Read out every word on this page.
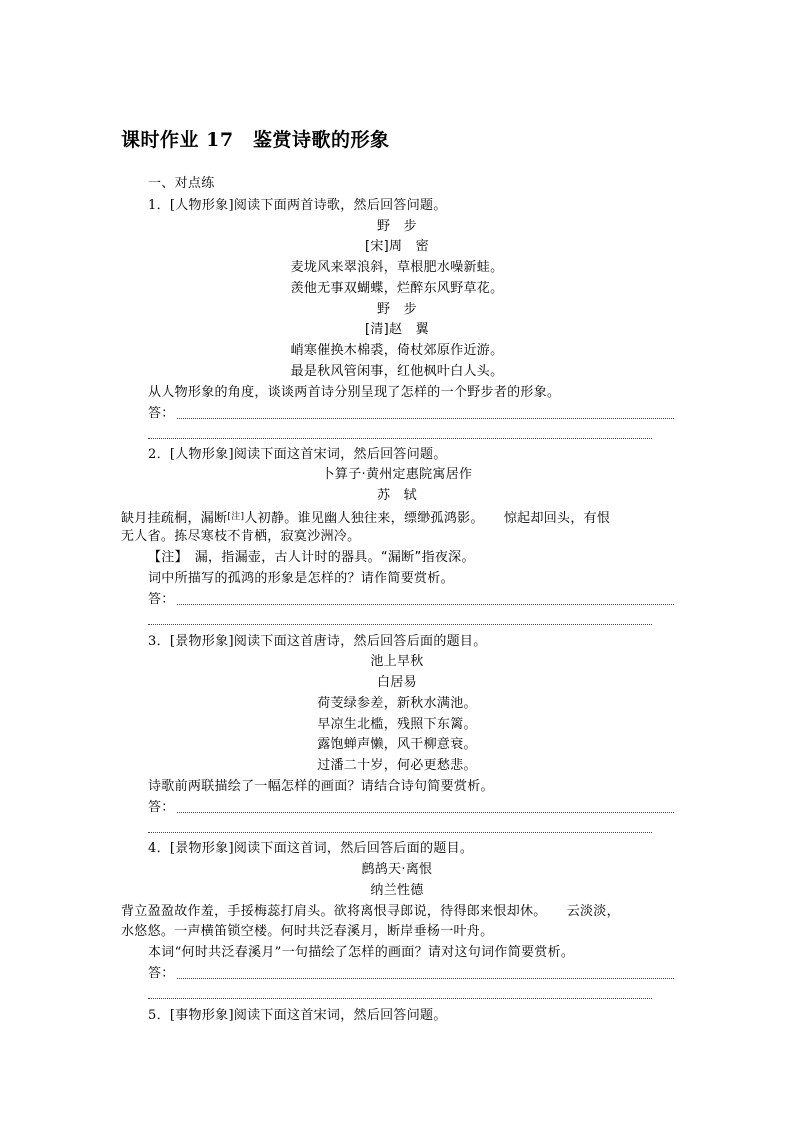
课时作业 17　鉴赏诗歌的形象
一、对点练
1．[人物形象]阅读下面两首诗歌，然后回答问题。
野　步
[宋]周　密
麦垅风来翠浪斜，草根肥水噪新蛙。
羡他无事双蝴蝶，烂醉东风野草花。
野　步
[清]赵　翼
峭寒催换木棉裘，倚杖郊原作近游。
最是秋风管闲事，红他枫叶白人头。
从人物形象的角度，谈谈两首诗分别呈现了怎样的一个野步者的形象。
答：
2．[人物形象]阅读下面这首宋词，然后回答问题。
卜算子·黄州定惠院寓居作
苏　轼
缺月挂疏桐，漏断[注]人初静。谁见幽人独往来，缥缈孤鸿影。　　惊起却回头，有恨
无人省。拣尽寒枝不肯栖，寂寞沙洲冷。
【注】　漏，指漏壶，古人计时的器具。“漏断”指夜深。
词中所描写的孤鸿的形象是怎样的？请作简要赏析。
答：
3．[景物形象]阅读下面这首唐诗，然后回答后面的题目。
池上早秋
白居易
荷芰绿参差，新秋水满池。
早凉生北槛，残照下东篱。
露饱蝉声懒，风干柳意衰。
过潘二十岁，何必更愁悲。
诗歌前两联描绘了一幅怎样的画面？请结合诗句简要赏析。
答：
4．[景物形象]阅读下面这首词，然后回答后面的题目。
鹧鸪天·离恨
纳兰性德
背立盈盈故作羞，手挼梅蕊打肩头。欲将离恨寻郎说，待得郎来恨却休。　　云淡淡，
水悠悠。一声横笛锁空楼。何时共泛春溪月，断岸垂杨一叶舟。
本词“何时共泛春溪月”一句描绘了怎样的画面？请对这句词作简要赏析。
答：
5．[事物形象]阅读下面这首宋词，然后回答问题。
